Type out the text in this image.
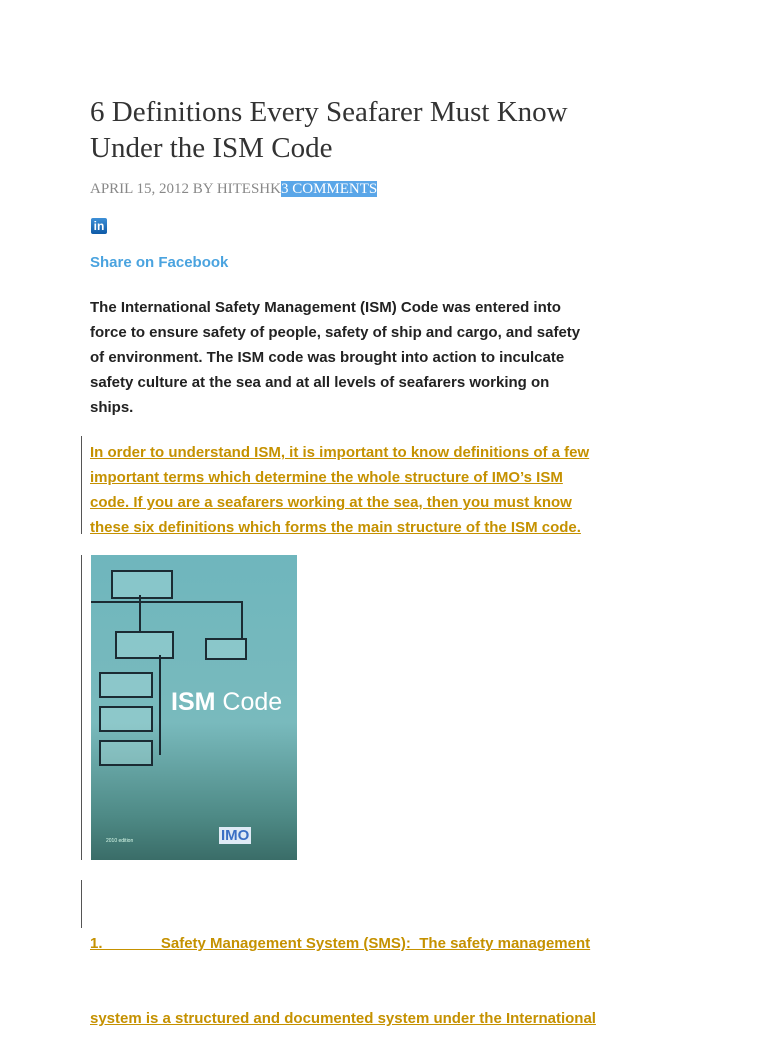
6 Definitions Every Seafarer Must Know
Under the ISM Code
APRIL 15, 2012 BY HITESHK3 COMMENTS
in
Share on Facebook
The International Safety Management (ISM) Code was entered into
force to ensure safety of people, safety of ship and cargo, and safety
of environment. The ISM code was brought into action to inculcate
safety culture at the sea and at all levels of seafarers working on
ships.
In order to understand ISM, it is important to know definitions of a few
important terms which determine the whole structure of IMO’s ISM
code. If you are a seafarers working at the sea, then you must know
these six definitions which forms the main structure of the ISM code.
ISM Code
IMO
2010 edition

1.              Safety Management System (SMS):  The safety management

system is a structured and documented system under the International
